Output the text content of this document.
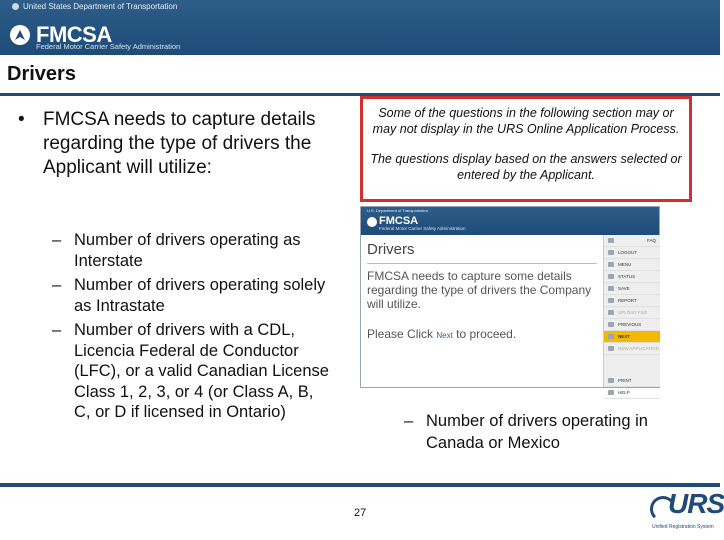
United States Department of Transportation
FMCSA
Federal Motor Carrier Safety Administration
Drivers
• FMCSA needs to capture details regarding the type of drivers the Applicant will utilize:
– Number of drivers operating as Interstate
– Number of drivers operating solely as Intrastate
– Number of drivers with a CDL, Licencia Federal de Conductor (LFC), or a valid Canadian License Class 1, 2, 3, or 4 (or Class A, B, C, or D if licensed in Ontario)

Some of the questions in the following section may or may not display in the URS Online Application Process.

The questions display based on the answers selected or entered by the Applicant.

U.S. Department of Transportation
FMCSA
Federal Motor Carrier Safety Administration
Drivers
FMCSA needs to capture some details regarding the type of drivers the Company will utilize.
Please Click Next to proceed.
FAQ
LOGOUT
MENU
STATUS
SAVE
REPORT
UPLOAD FILE
PREVIOUS
NEXT
NEW APPLICATION
PRINT
HELP
– Number of drivers operating in Canada or Mexico
27	URS
Unified Registration System
